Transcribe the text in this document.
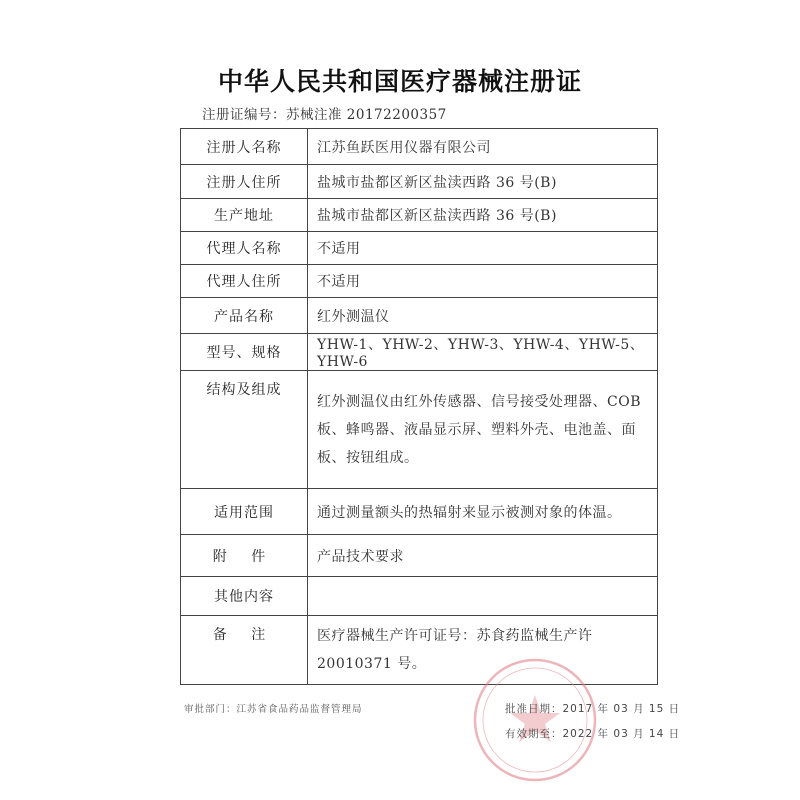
中华人民共和国医疗器械注册证
注册证编号：苏械注准 20172200357
注册人名称	江苏鱼跃医用仪器有限公司
注册人住所	盐城市盐都区新区盐渎西路 36 号(B)
生产地址	盐城市盐都区新区盐渎西路 36 号(B)
代理人名称	不适用
代理人住所	不适用
产品名称	红外测温仪
型号、规格	YHW-1、YHW-2、YHW-3、YHW-4、YHW-5、YHW-6
结构及组成	红外测温仪由红外传感器、信号接受处理器、COB 板、蜂鸣器、液晶显示屏、塑料外壳、电池盖、面板、按钮组成。
适用范围	通过测量额头的热辐射来显示被测对象的体温。
附 件	产品技术要求
其他内容	
备 注	医疗器械生产许可证号：苏食药监械生产许 20010371 号。
审批部门：江苏省食品药品监督管理局	批准日期：2017 年 03 月 15 日
有效期至：2022 年 03 月 14 日
